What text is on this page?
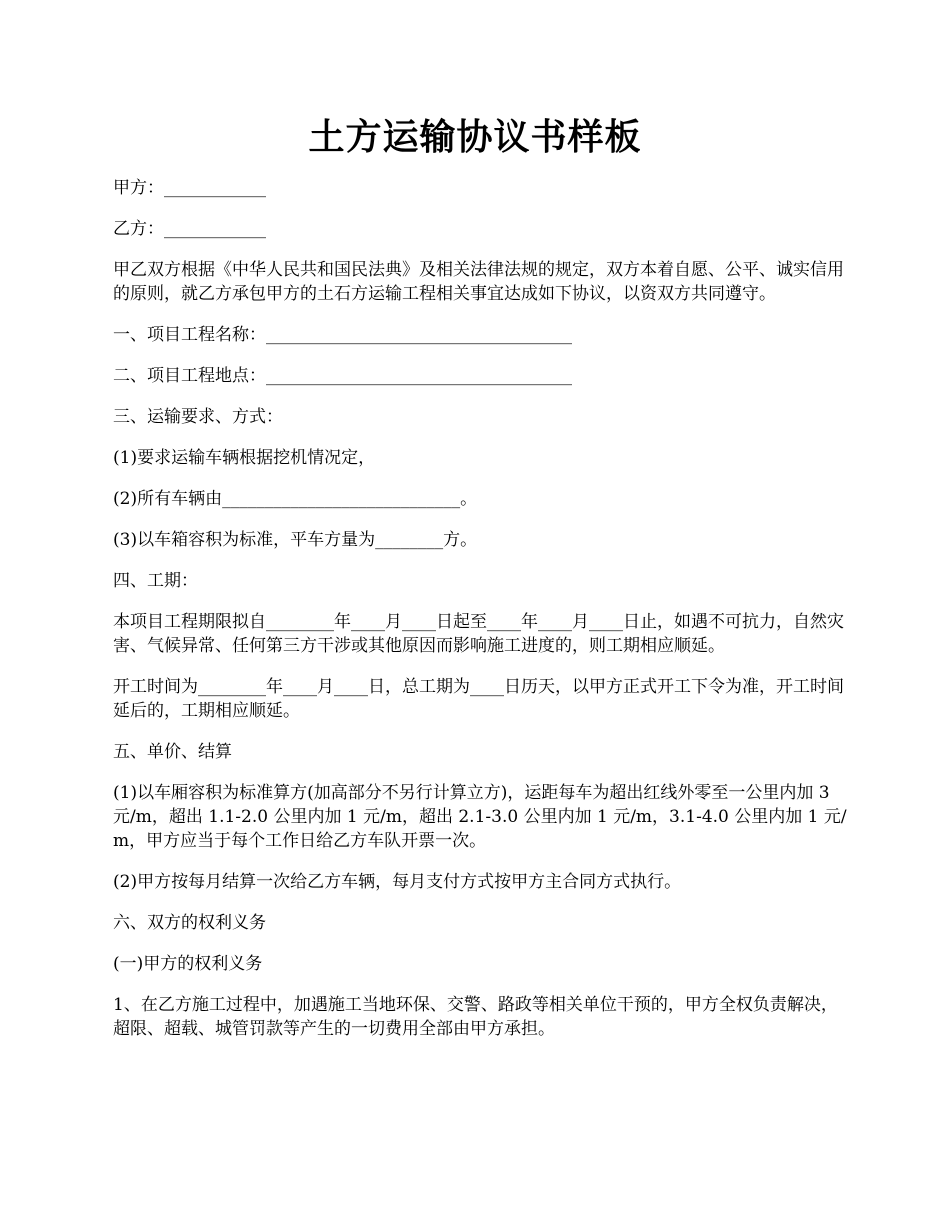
土方运输协议书样板

甲方：____________

乙方：____________

甲乙双方根据《中华人民共和国民法典》及相关法律法规的规定，双方本着自愿、公平、诚实信用的原则，就乙方承包甲方的土石方运输工程相关事宜达成如下协议，以资双方共同遵守。

一、项目工程名称：____________________________________

二、项目工程地点：____________________________________

三、运输要求、方式：

(1)要求运输车辆根据挖机情况定，

(2)所有车辆由____________________________。

(3)以车箱容积为标准，平车方量为________方。

四、工期：

本项目工程期限拟自________年____月____日起至____年____月____日止，如遇不可抗力，自然灾害、气候异常、任何第三方干涉或其他原因而影响施工进度的，则工期相应顺延。

开工时间为________年____月____日，总工期为____日历天，以甲方正式开工下令为准，开工时间延后的，工期相应顺延。

五、单价、结算

(1)以车厢容积为标准算方(加高部分不另行计算立方)，运距每车为超出红线外零至一公里内加 3 元/m，超出 1.1-2.0 公里内加 1 元/m，超出 2.1-3.0 公里内加 1 元/m，3.1-4.0 公里内加 1 元/m，甲方应当于每个工作日给乙方车队开票一次。

(2)甲方按每月结算一次给乙方车辆，每月支付方式按甲方主合同方式执行。

六、双方的权利义务

(一)甲方的权利义务

1、在乙方施工过程中，加遇施工当地环保、交警、路政等相关单位干预的，甲方全权负责解决，超限、超载、城管罚款等产生的一切费用全部由甲方承担。
